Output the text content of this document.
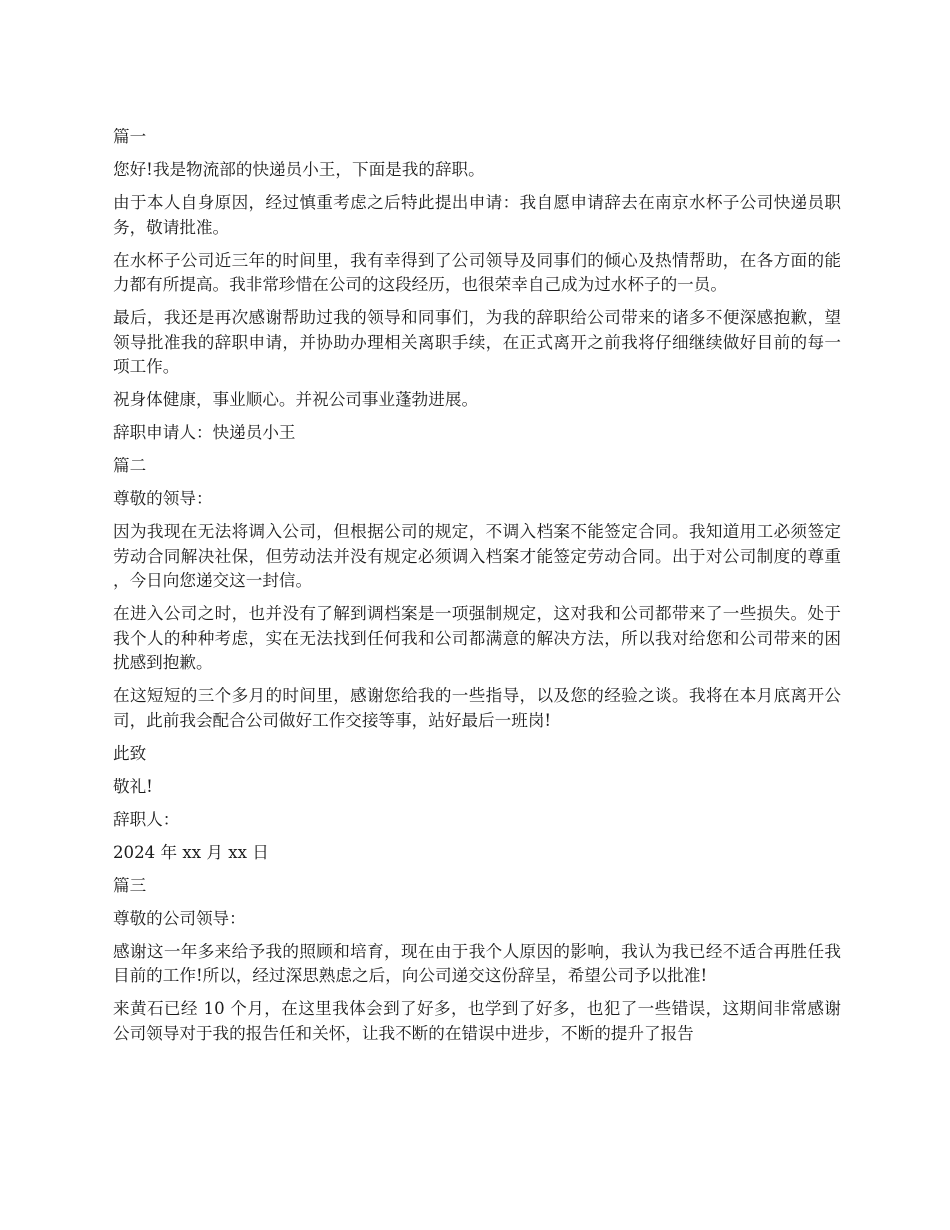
篇一

您好!我是物流部的快递员小王，下面是我的辞职。

由于本人自身原因，经过慎重考虑之后特此提出申请：我自愿申请辞去在南京水杯子公司快递员职务，敬请批准。

在水杯子公司近三年的时间里，我有幸得到了公司领导及同事们的倾心及热情帮助，在各方面的能力都有所提高。我非常珍惜在公司的这段经历，也很荣幸自己成为过水杯子的一员。

最后，我还是再次感谢帮助过我的领导和同事们，为我的辞职给公司带来的诸多不便深感抱歉，望领导批准我的辞职申请，并协助办理相关离职手续，在正式离开之前我将仔细继续做好目前的每一项工作。

祝身体健康，事业顺心。并祝公司事业蓬勃进展。

辞职申请人：快递员小王

篇二

尊敬的领导：

因为我现在无法将调入公司，但根据公司的规定，不调入档案不能签定合同。我知道用工必须签定劳动合同解决社保，但劳动法并没有规定必须调入档案才能签定劳动合同。出于对公司制度的尊重，今日向您递交这一封信。

在进入公司之时，也并没有了解到调档案是一项强制规定，这对我和公司都带来了一些损失。处于我个人的种种考虑，实在无法找到任何我和公司都满意的解决方法，所以我对给您和公司带来的困扰感到抱歉。

在这短短的三个多月的时间里，感谢您给我的一些指导，以及您的经验之谈。我将在本月底离开公司，此前我会配合公司做好工作交接等事，站好最后一班岗!

此致

敬礼!

辞职人：

2024 年 xx 月 xx 日

篇三

尊敬的公司领导：

感谢这一年多来给予我的照顾和培育，现在由于我个人原因的影响，我认为我已经不适合再胜任我目前的工作!所以，经过深思熟虑之后，向公司递交这份辞呈，希望公司予以批准!

来黄石已经 10 个月，在这里我体会到了好多，也学到了好多，也犯了一些错误，这期间非常感谢公司领导对于我的报告任和关怀，让我不断的在错误中进步，不断的提升了报告
